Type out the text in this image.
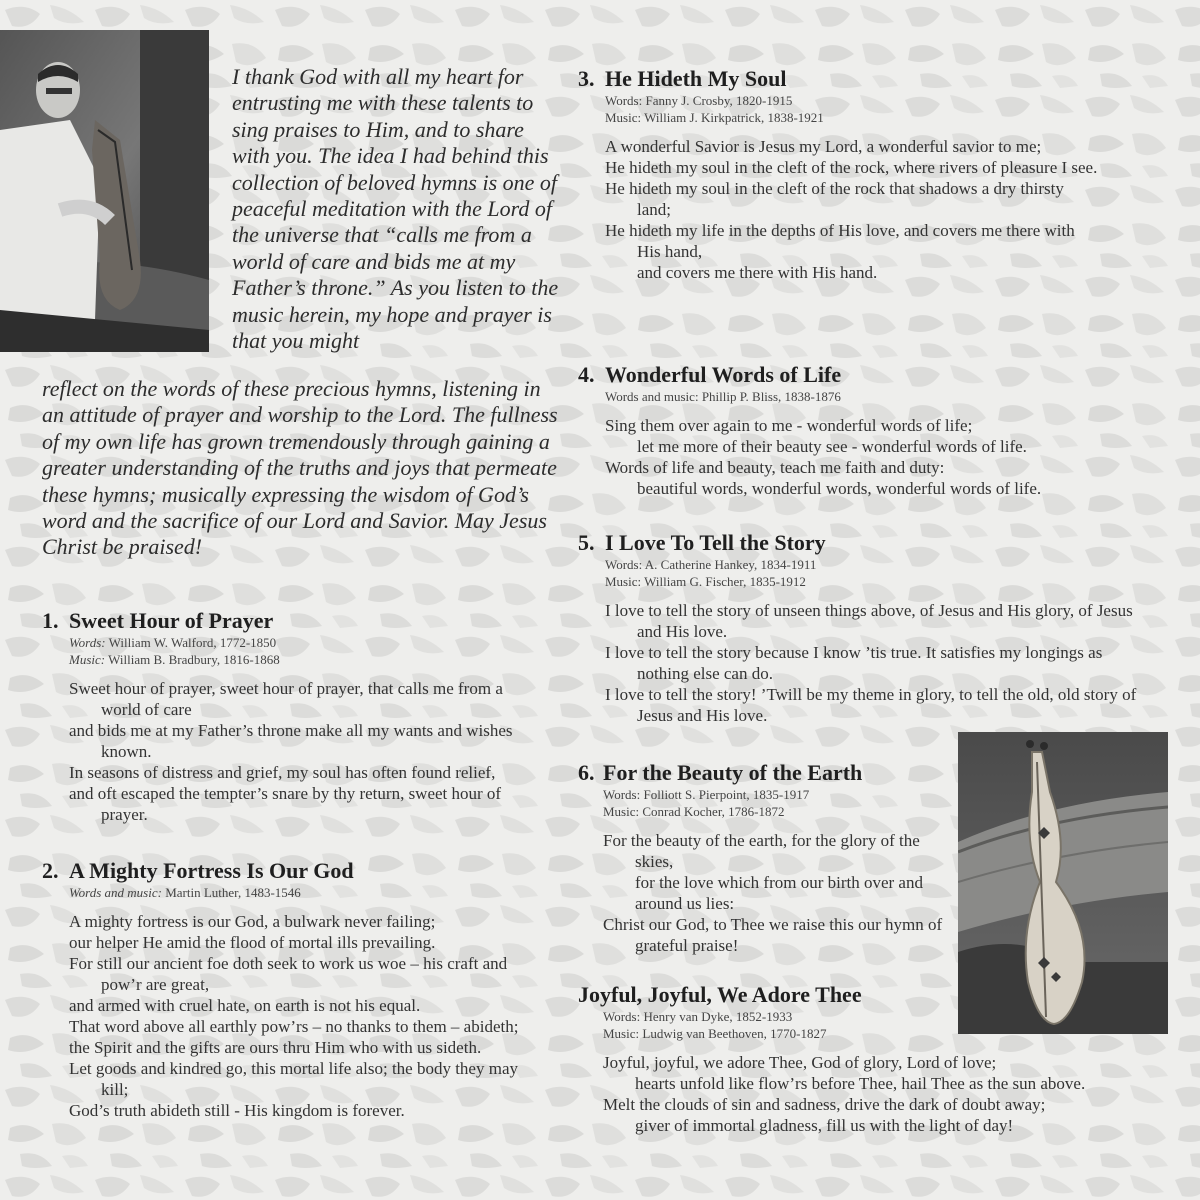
I thank God with all my heart for entrusting me with these talents to sing praises to Him, and to share with you. The idea I had behind this collection of beloved hymns is one of peaceful meditation with the Lord of the universe that “calls me from a world of care and bids me at my Father’s throne.” As you listen to the music herein, my hope and prayer is that you might

reflect on the words of these precious hymns, listening in an attitude of prayer and worship to the Lord. The fullness of my own life has grown tremendously through gaining a greater understanding of the truths and joys that permeate these hymns; musically expressing the wisdom of God’s word and the sacrifice of our Lord and Savior. May Jesus Christ be praised!

1. Sweet Hour of Prayer
Words: William W. Walford, 1772-1850
Music: William B. Bradbury, 1816-1868
Sweet hour of prayer, sweet hour of prayer, that calls me from a world of care
and bids me at my Father’s throne make all my wants and wishes known.
In seasons of distress and grief, my soul has often found relief,
and oft escaped the tempter’s snare by thy return, sweet hour of prayer.
2. A Mighty Fortress Is Our God
Words and music: Martin Luther, 1483-1546
A mighty fortress is our God, a bulwark never failing;
our helper He amid the flood of mortal ills prevailing.
For still our ancient foe doth seek to work us woe – his craft and pow’r are great,
and armed with cruel hate, on earth is not his equal.
That word above all earthly pow’rs – no thanks to them – abideth;
the Spirit and the gifts are ours thru Him who with us sideth.
Let goods and kindred go, this mortal life also; the body they may kill;
God’s truth abideth still - His kingdom is forever.
3. He Hideth My Soul
Words: Fanny J. Crosby, 1820-1915
Music: William J. Kirkpatrick, 1838-1921
A wonderful Savior is Jesus my Lord, a wonderful savior to me;
He hideth my soul in the cleft of the rock, where rivers of pleasure I see.
He hideth my soul in the cleft of the rock that shadows a dry thirsty land;
He hideth my life in the depths of His love, and covers me there with His hand,
and covers me there with His hand.
4. Wonderful Words of Life
Words and music: Phillip P. Bliss, 1838-1876
Sing them over again to me - wonderful words of life;
let me more of their beauty see - wonderful words of life.
Words of life and beauty, teach me faith and duty:
beautiful words, wonderful words, wonderful words of life.
5. I Love To Tell the Story
Words: A. Catherine Hankey, 1834-1911
Music: William G. Fischer, 1835-1912
I love to tell the story of unseen things above, of Jesus and His glory, of Jesus and His love.
I love to tell the story because I know ’tis true. It satisfies my longings as nothing else can do.
I love to tell the story! ’Twill be my theme in glory, to tell the old, old story of Jesus and His love.
6. For the Beauty of the Earth
Words: Folliott S. Pierpoint, 1835-1917
Music: Conrad Kocher, 1786-1872
For the beauty of the earth, for the glory of the skies,
for the love which from our birth over and around us lies:
Christ our God, to Thee we raise this our hymn of grateful praise!
Joyful, Joyful, We Adore Thee
Words: Henry van Dyke, 1852-1933
Music: Ludwig van Beethoven, 1770-1827
Joyful, joyful, we adore Thee, God of glory, Lord of love;
hearts unfold like flow’rs before Thee, hail Thee as the sun above.
Melt the clouds of sin and sadness, drive the dark of doubt away;
giver of immortal gladness, fill us with the light of day!
